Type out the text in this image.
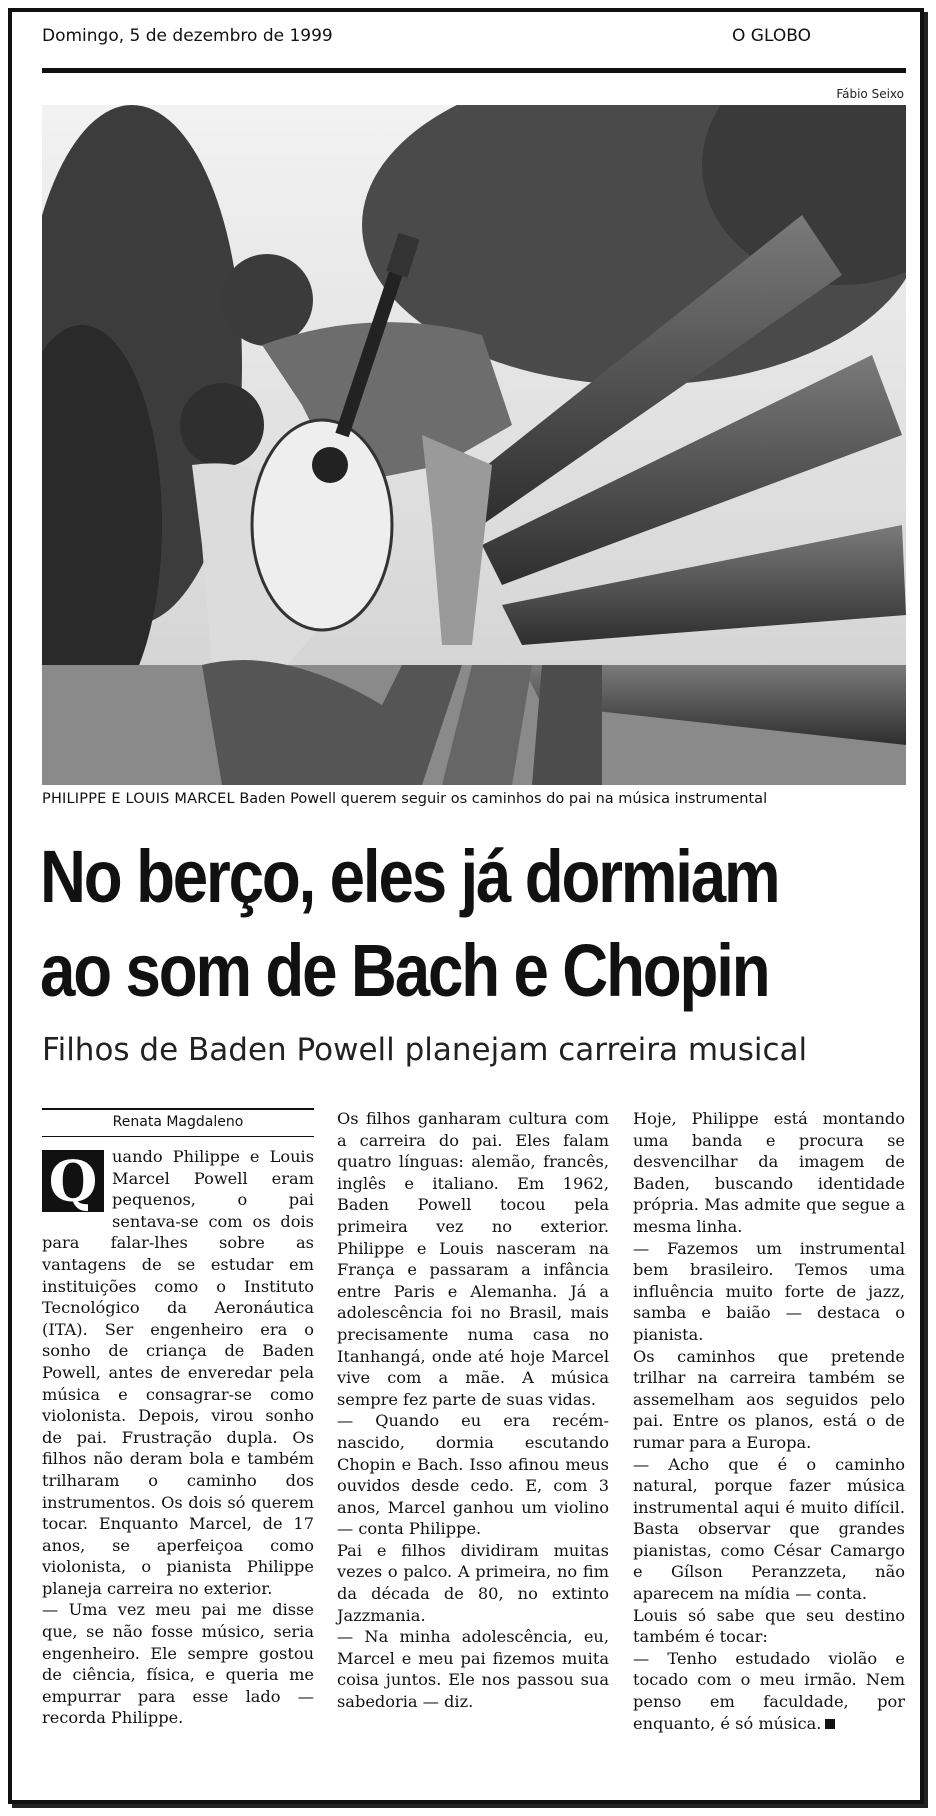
Domingo, 5 de dezembro de 1999	O GLOBO
Fábio Seixo
PHILIPPE E LOUIS MARCEL Baden Powell querem seguir os caminhos do pai na música instrumental
No berço, eles já dormiam
ao som de Bach e Chopin
Filhos de Baden Powell planejam carreira musical
Renata Magdaleno

Q uando Philippe e Louis Marcel Powell eram pequenos, o pai sentava-se com os dois para falar-lhes sobre as vantagens de se estudar em instituições como o Instituto Tecnológico da Aeronáutica (ITA). Ser engenheiro era o sonho de criança de Baden Powell, antes de enveredar pela música e consagrar-se como violonista. Depois, virou sonho de pai. Frustração dupla. Os filhos não deram bola e também trilharam o caminho dos instrumentos. Os dois só querem tocar. Enquanto Marcel, de 17 anos, se aperfeiçoa como violonista, o pianista Philippe planeja carreira no exterior.

— Uma vez meu pai me disse que, se não fosse músico, seria engenheiro. Ele sempre gostou de ciência, física, e queria me empurrar para esse lado — recorda Philippe.

Os filhos ganharam cultura com a carreira do pai. Eles falam quatro línguas: alemão, francês, inglês e italiano. Em 1962, Baden Powell tocou pela primeira vez no exterior. Philippe e Louis nasceram na França e passaram a infância entre Paris e Alemanha. Já a adolescência foi no Brasil, mais precisamente numa casa no Itanhangá, onde até hoje Marcel vive com a mãe. A música sempre fez parte de suas vidas.

— Quando eu era recém-nascido, dormia escutando Chopin e Bach. Isso afinou meus ouvidos desde cedo. E, com 3 anos, Marcel ganhou um violino — conta Philippe.

Pai e filhos dividiram muitas vezes o palco. A primeira, no fim da década de 80, no extinto Jazzmania.

— Na minha adolescência, eu, Marcel e meu pai fizemos muita coisa juntos. Ele nos passou sua sabedoria — diz.

Hoje, Philippe está montando uma banda e procura se desvencilhar da imagem de Baden, buscando identidade própria. Mas admite que segue a mesma linha.

— Fazemos um instrumental bem brasileiro. Temos uma influência muito forte de jazz, samba e baião — destaca o pianista.

Os caminhos que pretende trilhar na carreira também se assemelham aos seguidos pelo pai. Entre os planos, está o de rumar para a Europa.

— Acho que é o caminho natural, porque fazer música instrumental aqui é muito difícil. Basta observar que grandes pianistas, como César Camargo e Gílson Peranzzeta, não aparecem na mídia — conta.

Louis só sabe que seu destino também é tocar:

— Tenho estudado violão e tocado com o meu irmão. Nem penso em faculdade, por enquanto, é só música.
